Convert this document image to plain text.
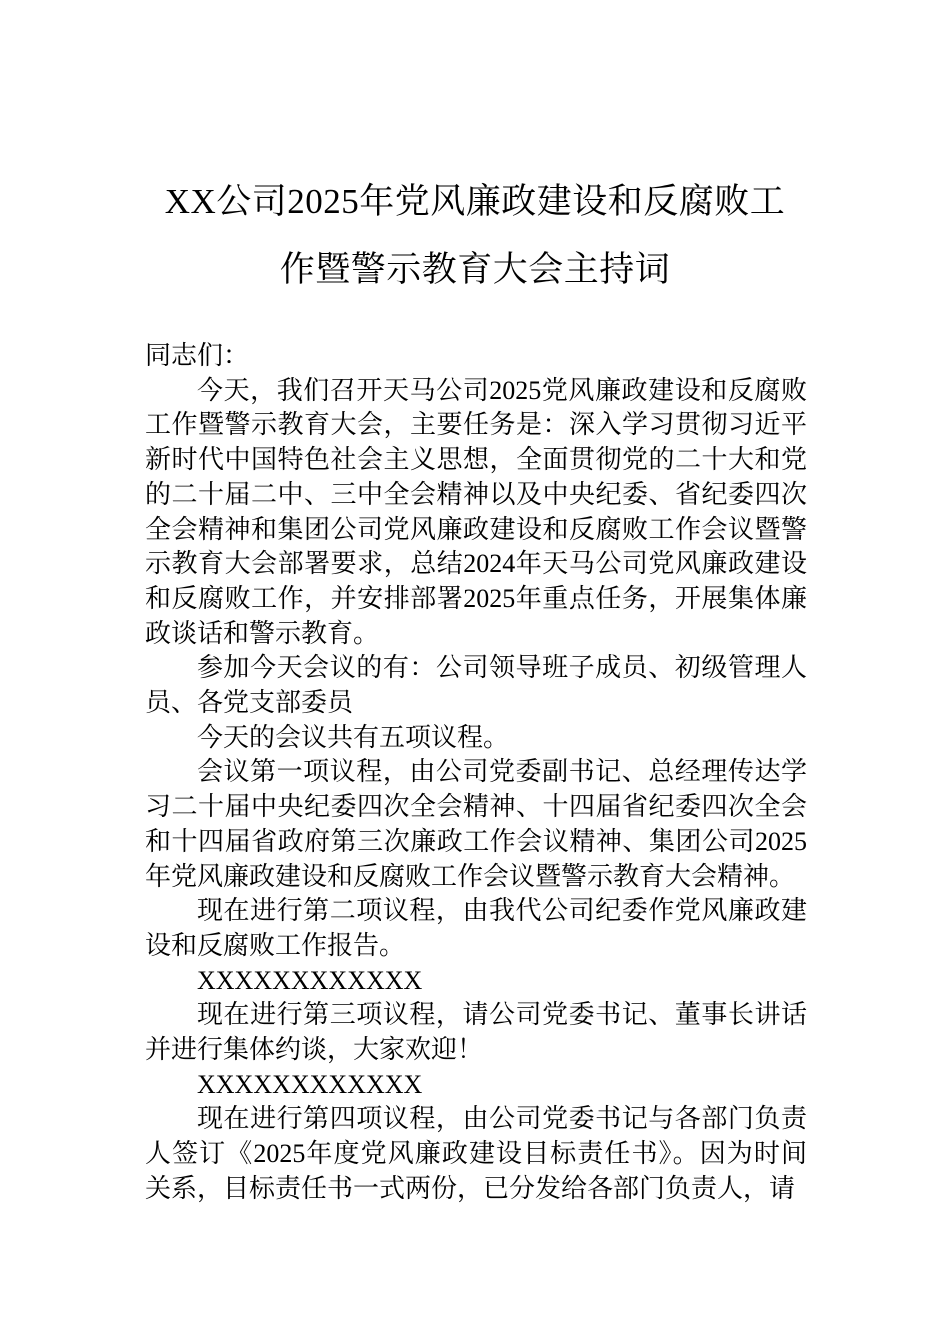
XX公司2025年党风廉政建设和反腐败工
作暨警示教育大会主持词

同志们：

今天，我们召开天马公司2025党风廉政建设和反腐败工作暨警示教育大会，主要任务是：深入学习贯彻习近平新时代中国特色社会主义思想，全面贯彻党的二十大和党的二十届二中、三中全会精神以及中央纪委、省纪委四次全会精神和集团公司党风廉政建设和反腐败工作会议暨警示教育大会部署要求，总结2024年天马公司党风廉政建设和反腐败工作，并安排部署2025年重点任务，开展集体廉政谈话和警示教育。

参加今天会议的有：公司领导班子成员、初级管理人员、各党支部委员

今天的会议共有五项议程。

会议第一项议程，由公司党委副书记、总经理传达学习二十届中央纪委四次全会精神、十四届省纪委四次全会和十四届省政府第三次廉政工作会议精神、集团公司2025年党风廉政建设和反腐败工作会议暨警示教育大会精神。

现在进行第二项议程，由我代公司纪委作党风廉政建设和反腐败工作报告。

XXXXXXXXXXXX

现在进行第三项议程，请公司党委书记、董事长讲话并进行集体约谈，大家欢迎！

XXXXXXXXXXXX

现在进行第四项议程，由公司党委书记与各部门负责人签订《2025年度党风廉政建设目标责任书》。因为时间关系，目标责任书一式两份，已分发给各部门负责人，请
